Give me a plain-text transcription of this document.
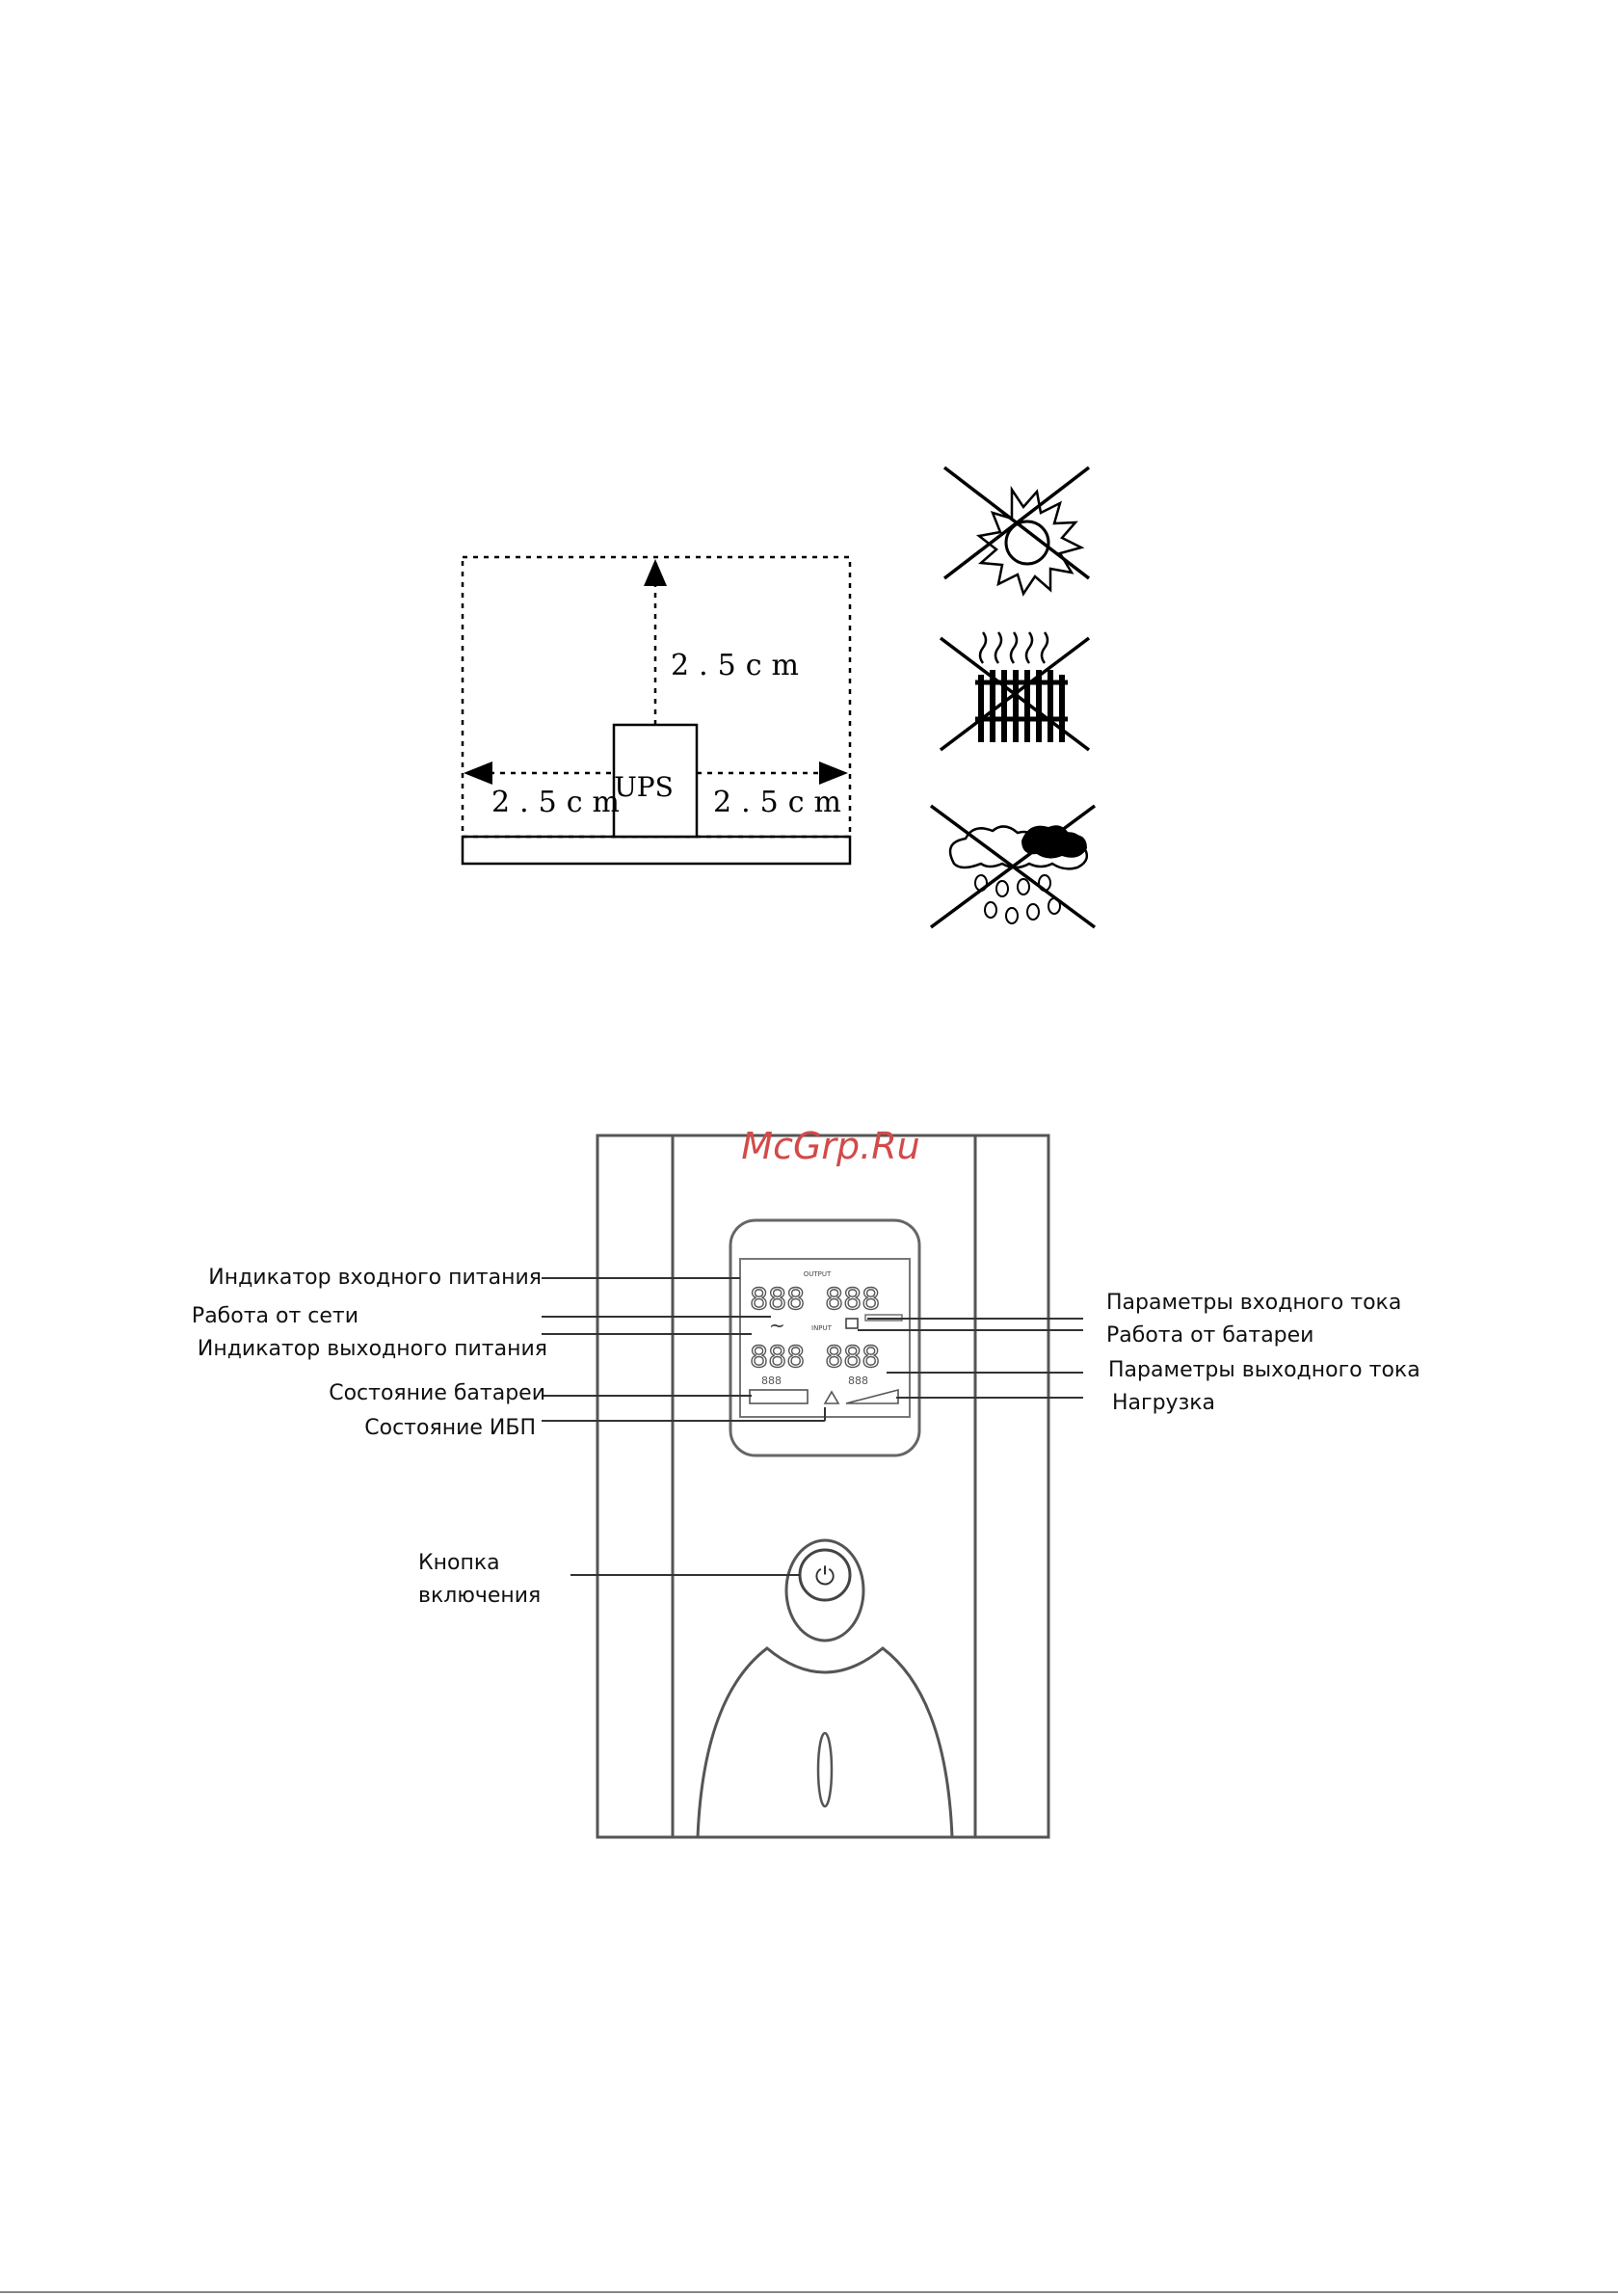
UPS
2.5cm
2.5cm	2.5cm
OUTPUT
888 888
~	INPUT
888 888
888	888
⏻
McGrp.Ru
Индикатор входного питания
Работа от сети
Индикатор выходного питания
Состояние батареи
Состояние ИБП
Кнопка
включения
Параметры входного тока
Работа от батареи
Параметры выходного тока
Нагрузка
